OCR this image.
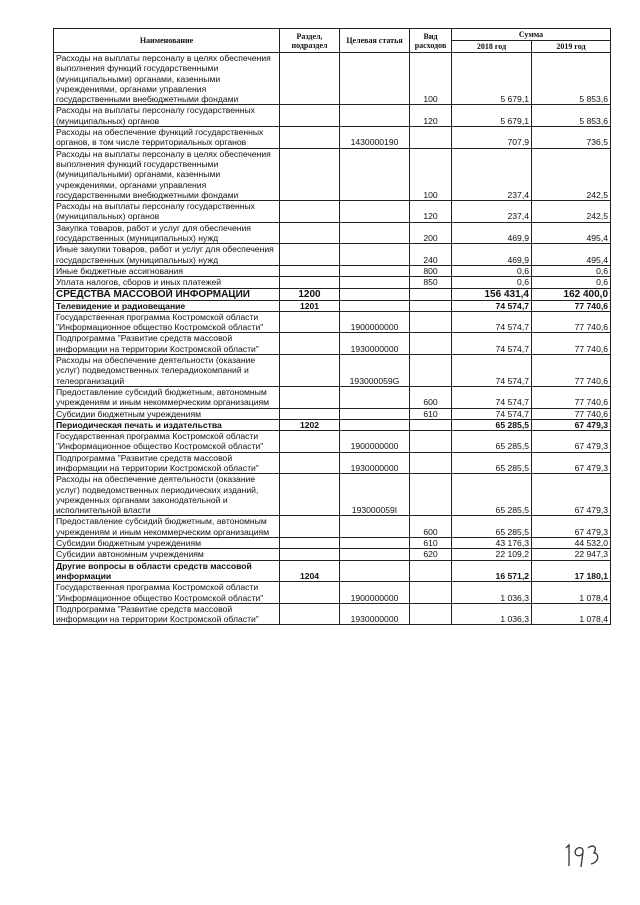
Наименование	Раздел, подраздел	Целевая статья	Вид расходов	Сумма	
				2018 год	2019 год
Расходы на выплаты персоналу в целях обеспечения выполнения функций государственными (муниципальными) органами, казенными учреждениями, органами управления государственными внебюджетными фондами			100	5 679,1	5 853,6
Расходы на выплаты персоналу государственных (муниципальных) органов			120	5 679,1	5 853,6
Расходы на обеспечение функций государственных органов, в том числе территориальных органов		1430000190		707,9	736,5
Расходы на выплаты персоналу в целях обеспечения выполнения функций государственными (муниципальными) органами, казенными учреждениями, органами управления государственными внебюджетными фондами			100	237,4	242,5
Расходы на выплаты персоналу государственных (муниципальных) органов			120	237,4	242,5
Закупка товаров, работ и услуг для обеспечения государственных (муниципальных) нужд			200	469,9	495,4
Иные закупки товаров, работ и услуг для обеспечения государственных (муниципальных) нужд			240	469,9	495,4
Иные бюджетные ассигнования			800	0,6	0,6
Уплата налогов, сборов и иных платежей			850	0,6	0,6
СРЕДСТВА МАССОВОЙ ИНФОРМАЦИИ	1200			156 431,4	162 400,0
Телевидение и радиовещание	1201			74 574,7	77 740,6
Государственная программа Костромской области "Информационное общество Костромской области"		1900000000		74 574,7	77 740,6
Подпрограмма "Развитие средств массовой информации на территории Костромской области"		1930000000		74 574,7	77 740,6
Расходы на обеспечение деятельности (оказание услуг) подведомственных телерадиокомпаний и телеорганизаций		193000059G		74 574,7	77 740,6
Предоставление субсидий бюджетным, автономным учреждениям и иным некоммерческим организациям			600	74 574,7	77 740,6
Субсидии бюджетным учреждениям			610	74 574,7	77 740,6
Периодическая печать и издательства	1202			65 285,5	67 479,3
Государственная программа Костромской области "Информационное общество Костромской области"		1900000000		65 285,5	67 479,3
Подпрограмма "Развитие средств массовой информации на территории Костромской области"		1930000000		65 285,5	67 479,3
Расходы на обеспечение деятельности (оказание услуг) подведомственных периодических изданий, учрежденных органами законодательной и исполнительной власти		193000059I		65 285,5	67 479,3
Предоставление субсидий бюджетным, автономным учреждениям и иным некоммерческим организациям			600	65 285,5	67 479,3
Субсидии бюджетным учреждениям			610	43 176,3	44 532,0
Субсидии автономным учреждениям			620	22 109,2	22 947,3
Другие вопросы в области средств массовой информации	1204			16 571,2	17 180,1
Государственная программа Костромской области "Информационное общество Костромской области"		1900000000		1 036,3	1 078,4
Подпрограмма "Развитие средств массовой информации на территории Костромской области"		1930000000		1 036,3	1 078,4
